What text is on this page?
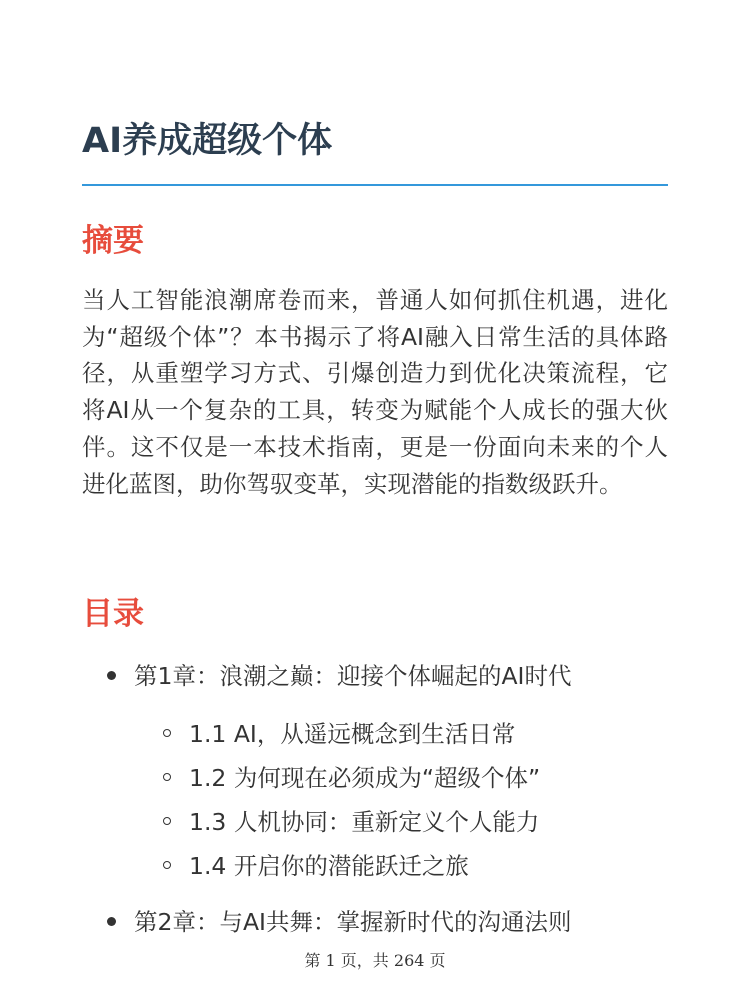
AI养成超级个体
摘要

当人工智能浪潮席卷而来，普通人如何抓住机遇，进化为“超级个体”？本书揭示了将AI融入日常生活的具体路径，从重塑学习方式、引爆创造力到优化决策流程，它将AI从一个复杂的工具，转变为赋能个人成长的强大伙伴。这不仅是一本技术指南，更是一份面向未来的个人进化蓝图，助你驾驭变革，实现潜能的指数级跃升。

目录
第1章：浪潮之巅：迎接个体崛起的AI时代
1.1 AI，从遥远概念到生活日常
1.2 为何现在必须成为“超级个体”
1.3 人机协同：重新定义个人能力
1.4 开启你的潜能跃迁之旅
第2章：与AI共舞：掌握新时代的沟通法则
第 1 页，共 264 页
